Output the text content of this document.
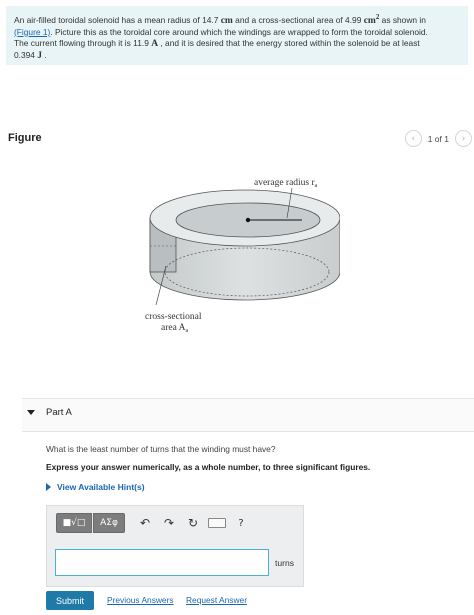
An air-filled toroidal solenoid has a mean radius of 14.7 cm and a cross-sectional area of 4.99 $cm^2$ as shown in
(Figure 1). Picture this as the toroidal core around which the windings are wrapped to form the toroidal solenoid.
The current flowing through it is 11.9 A , and it is desired that the energy stored within the solenoid be at least
0.394 J .
Figure	‹	1 of 1	›
average radius $r_a$
cross-sectional
area $A_a$
Part A
What is the least number of turns that the winding must have?
Express your answer numerically, as a whole number, to three significant figures.
View Available Hint(s)
■√□	ΑΣφ	↶	↷	↻	?
turns
Submit	Previous Answers Request Answer
